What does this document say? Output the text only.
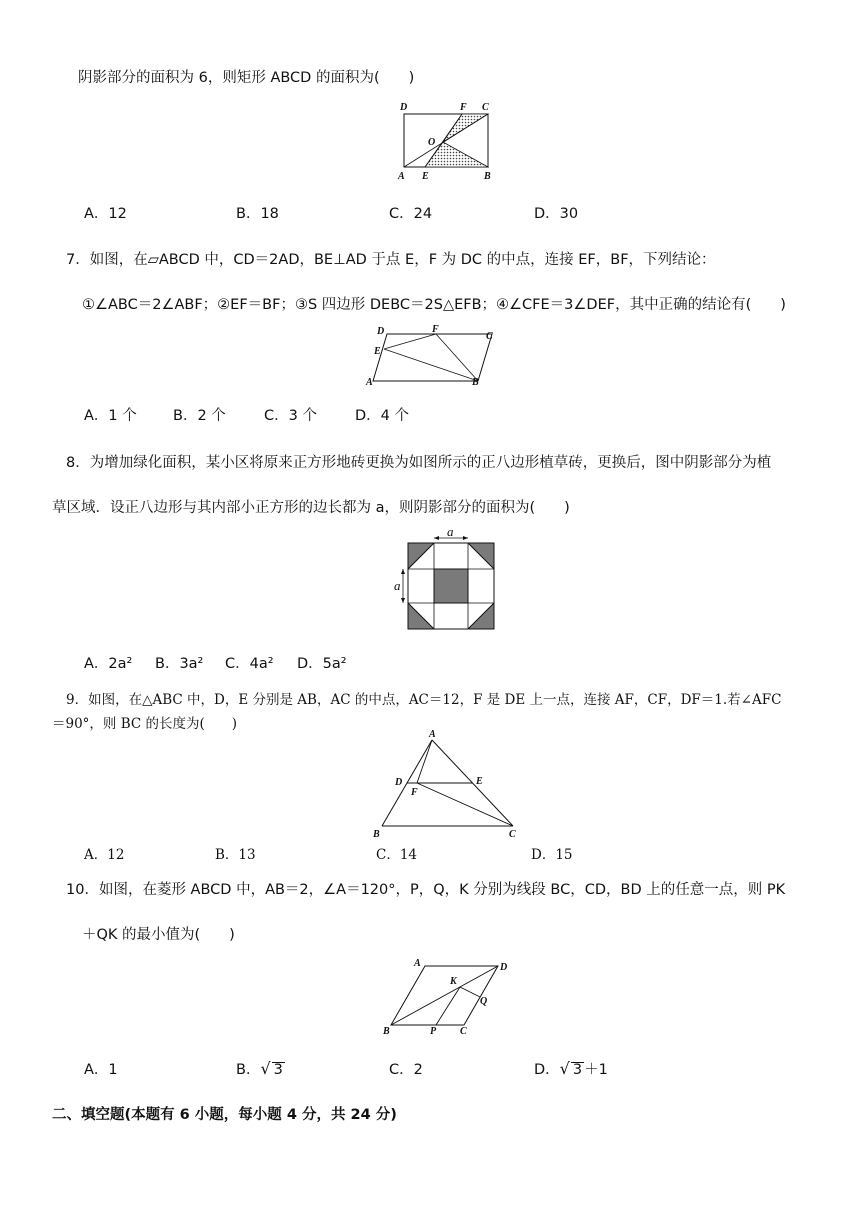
阴影部分的面积为 6，则矩形 ABCD 的面积为(　　)
D	F C
O
A E	B
A．12	B．18	C．24	D．30
7．如图，在▱ABCD 中，CD＝2AD，BE⊥AD 于点 E，F 为 DC 的中点，连接 EF，BF，下列结论：
①∠ABC＝2∠ABF；②EF＝BF；③S 四边形 DEBC＝2S△EFB；④∠CFE＝3∠DEF，其中正确的结论有(　　)
D	F
C
E
A	B
A．1 个	B．2 个	C．3 个	D．4 个
8．为增加绿化面积，某小区将原来正方形地砖更换为如图所示的正八边形植草砖，更换后，图中阴影部分为植
草区域．设正八边形与其内部小正方形的边长都为 a，则阴影部分的面积为(　　)
a
a
A．2a²	B．3a²	C．4a²	D．5a²
9．如图，在△ABC 中，D，E 分别是 AB，AC 的中点，AC＝12，F 是 DE 上一点，连接 AF，CF，DF＝1.若∠AFC
＝90°，则 BC 的长度为(　　)
A
D	E
F
B	C
A．12	B．13	C．14	D．15
10．如图，在菱形 ABCD 中，AB＝2，∠A＝120°，P，Q，K 分别为线段 BC，CD，BD 上的任意一点，则 PK
＋QK 的最小值为(　　)
A	D
K
Q
B	P C
A．1	B．√ 3	C．2	D．√ 3 ＋1
二、填空题(本题有 6 小题，每小题 4 分，共 24 分)
